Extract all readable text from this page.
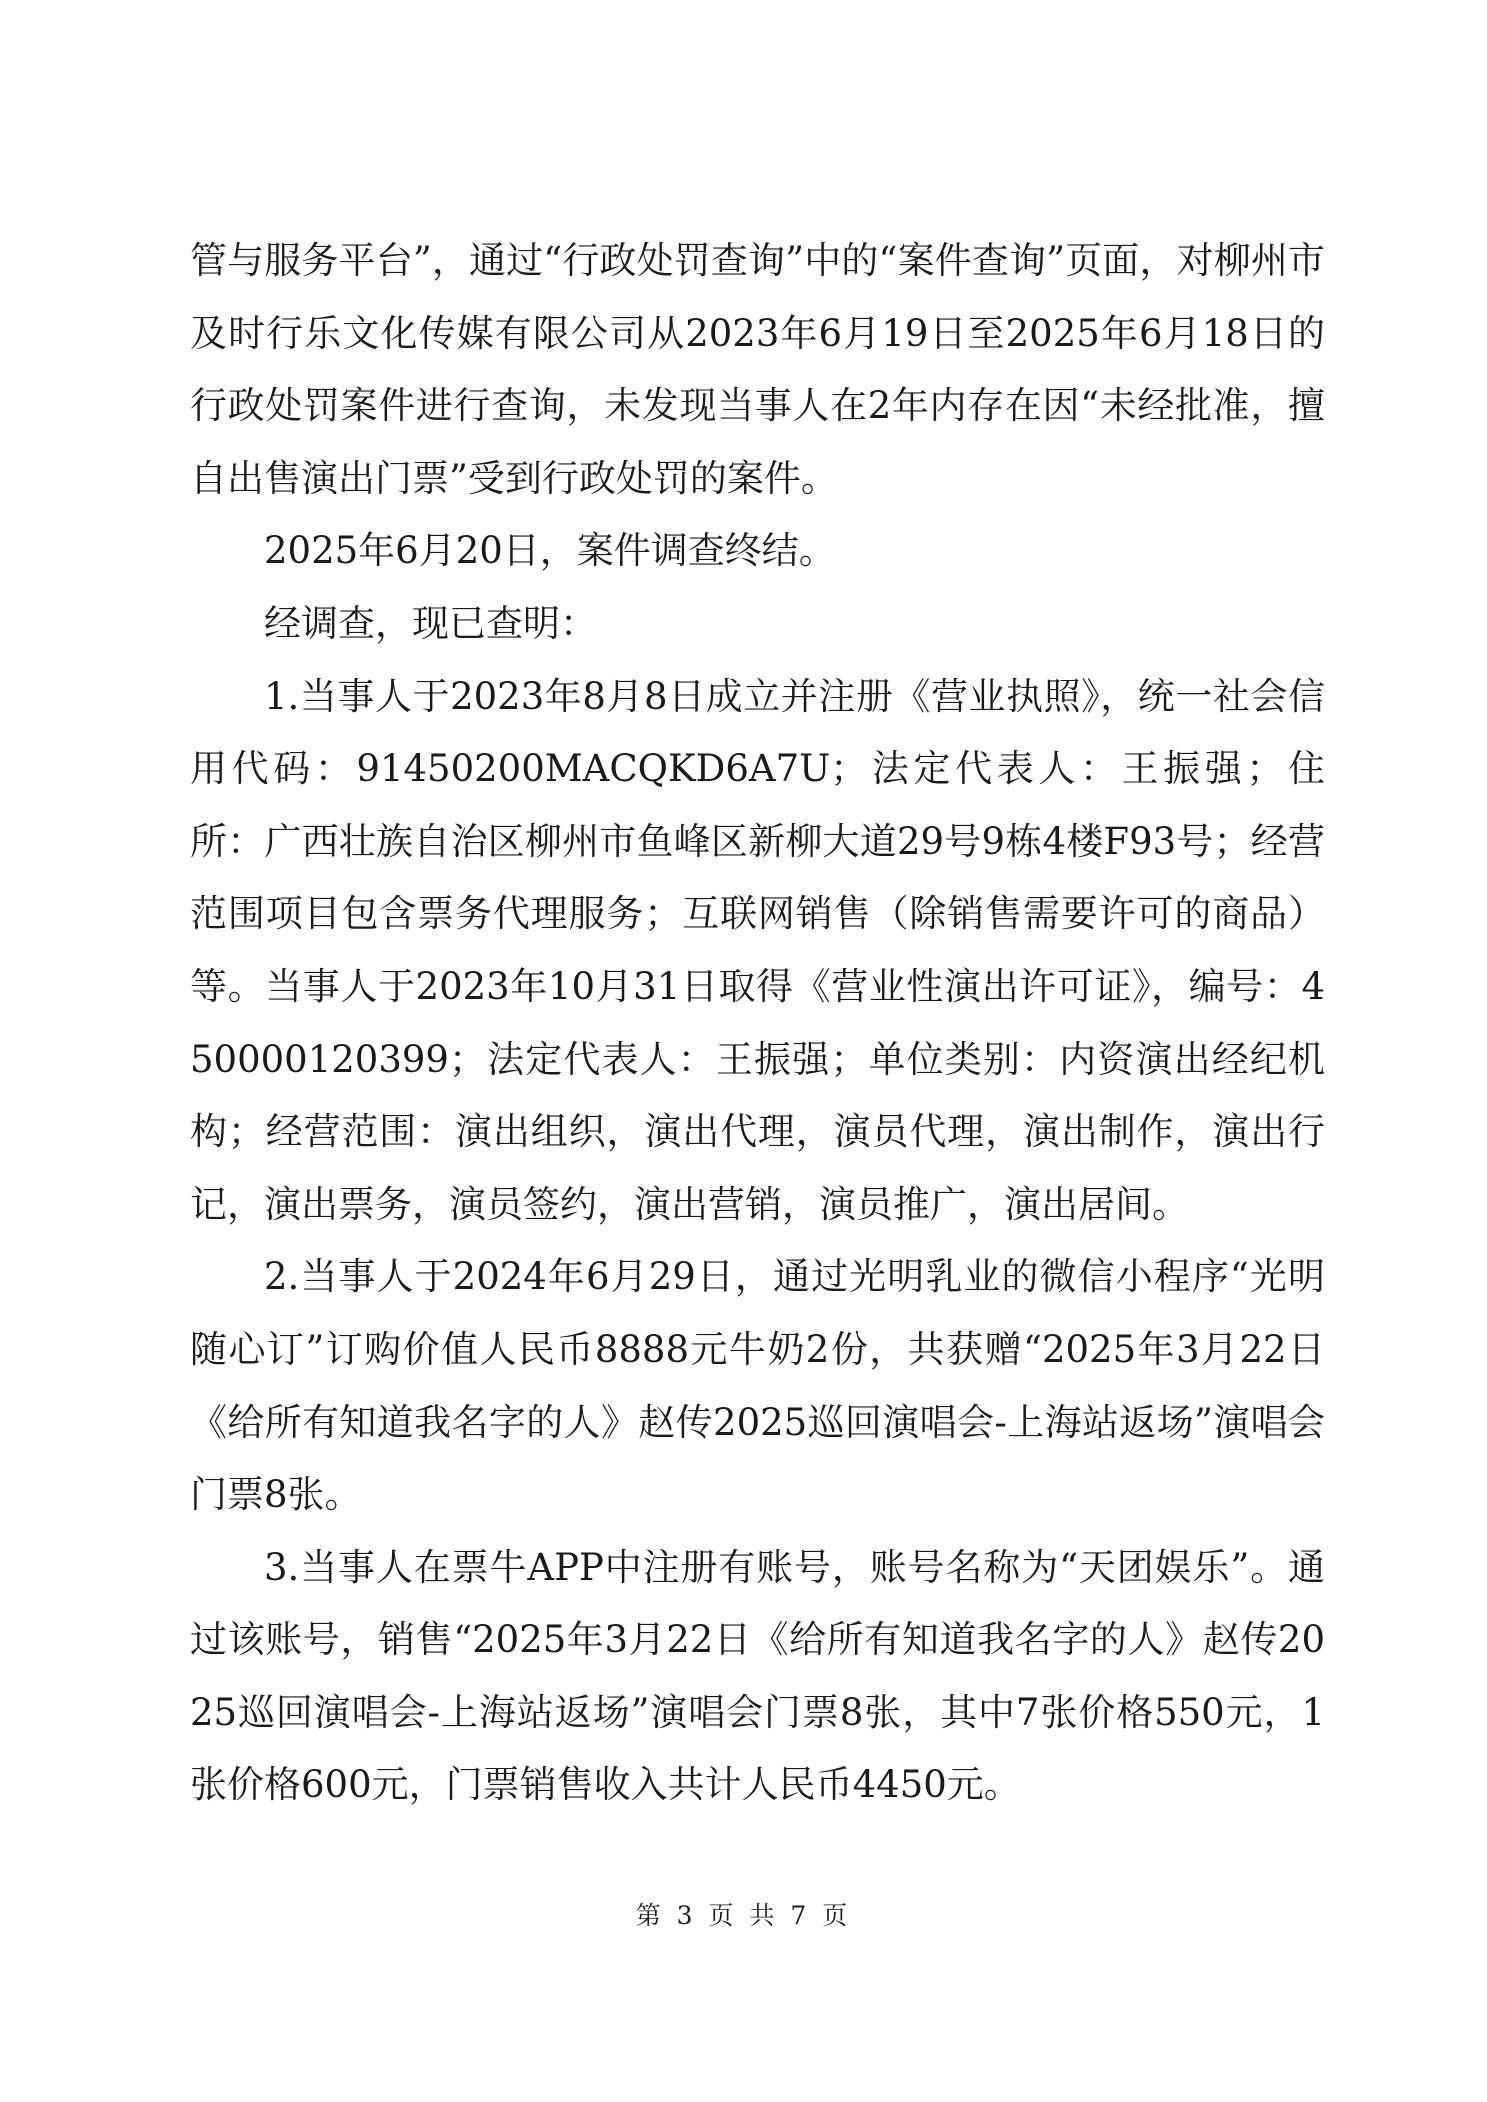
管与服务平台”，通过“行政处罚查询”中的“案件查询”页面，对柳州市及时行乐文化传媒有限公司从2023年6月19日至2025年6月18日的行政处罚案件进行查询，未发现当事人在2年内存在因“未经批准，擅自出售演出门票”受到行政处罚的案件。

2025年6月20日，案件调查终结。

经调查，现已查明：

1.当事人于2023年8月8日成立并注册《营业执照》，统一社会信用代码：91450200MACQKD6A7U；法定代表人：王振强；住所：广西壮族自治区柳州市鱼峰区新柳大道29号9栋4楼F93号；经营范围项目包含票务代理服务；互联网销售（除销售需要许可的商品）等。当事人于2023年10月31日取得《营业性演出许可证》，编号：450000120399；法定代表人：王振强；单位类别：内资演出经纪机构；经营范围：演出组织，演出代理，演员代理，演出制作，演出行记，演出票务，演员签约，演出营销，演员推广，演出居间。

2.当事人于2024年6月29日，通过光明乳业的微信小程序“光明随心订”订购价值人民币8888元牛奶2份，共获赠“2025年3月22日《给所有知道我名字的人》赵传2025巡回演唱会-上海站返场”演唱会门票8张。

3.当事人在票牛APP中注册有账号，账号名称为“天团娱乐”。通过该账号，销售“2025年3月22日《给所有知道我名字的人》赵传2025巡回演唱会-上海站返场”演唱会门票8张，其中7张价格550元，1张价格600元，门票销售收入共计人民币4450元。

第 3 页 共 7 页
